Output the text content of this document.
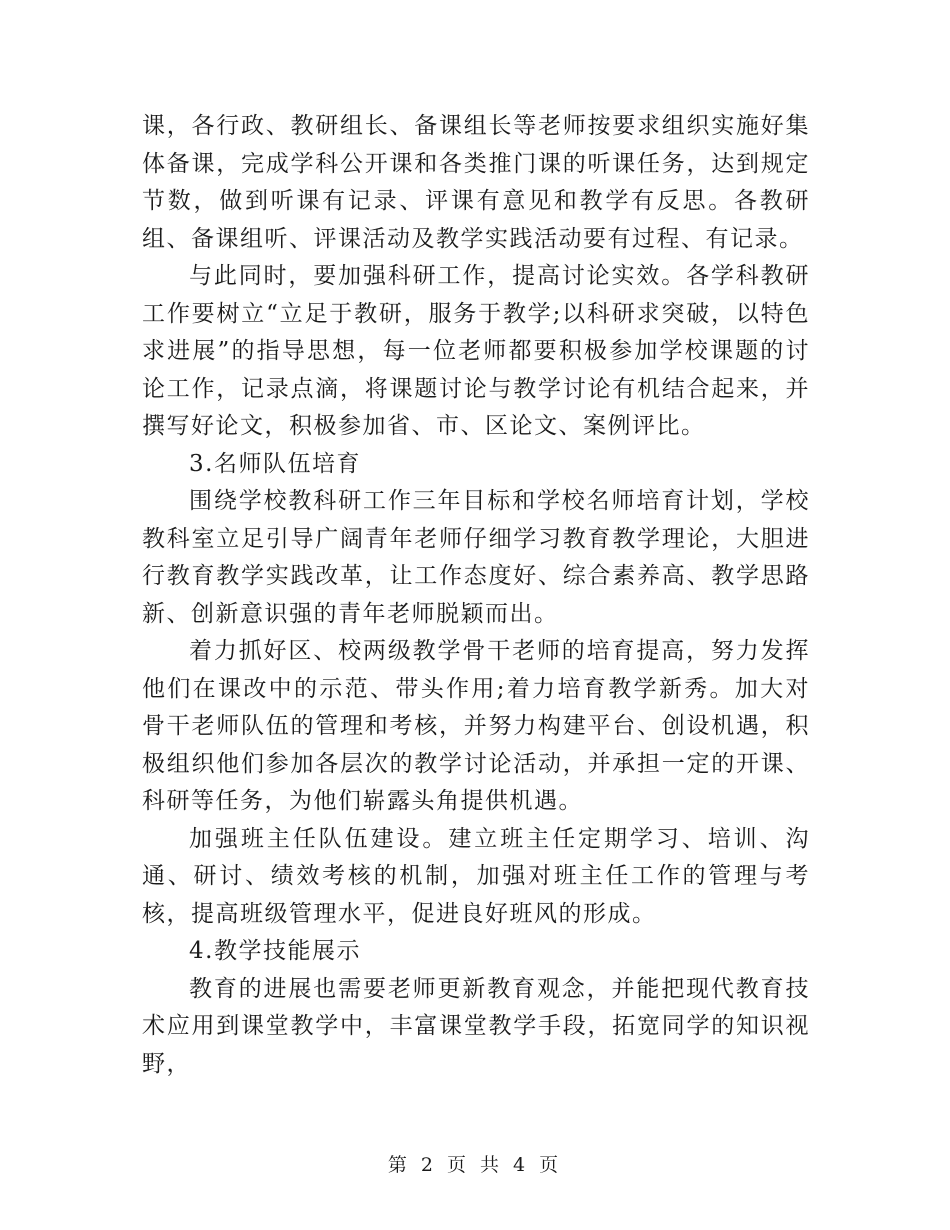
课，各行政、教研组长、备课组长等老师按要求组织实施好集体备课，完成学科公开课和各类推门课的听课任务，达到规定节数，做到听课有记录、评课有意见和教学有反思。各教研组、备课组听、评课活动及教学实践活动要有过程、有记录。

与此同时，要加强科研工作，提高讨论实效。各学科教研工作要树立“立足于教研，服务于教学;以科研求突破，以特色求进展”的指导思想，每一位老师都要积极参加学校课题的讨论工作，记录点滴，将课题讨论与教学讨论有机结合起来，并撰写好论文，积极参加省、市、区论文、案例评比。

3.名师队伍培育

围绕学校教科研工作三年目标和学校名师培育计划，学校教科室立足引导广阔青年老师仔细学习教育教学理论，大胆进行教育教学实践改革，让工作态度好、综合素养高、教学思路新、创新意识强的青年老师脱颖而出。

着力抓好区、校两级教学骨干老师的培育提高，努力发挥他们在课改中的示范、带头作用;着力培育教学新秀。加大对骨干老师队伍的管理和考核，并努力构建平台、创设机遇，积极组织他们参加各层次的教学讨论活动，并承担一定的开课、科研等任务，为他们崭露头角提供机遇。

加强班主任队伍建设。建立班主任定期学习、培训、沟通、研讨、绩效考核的机制，加强对班主任工作的管理与考核，提高班级管理水平，促进良好班风的形成。

4.教学技能展示

教育的进展也需要老师更新教育观念，并能把现代教育技术应用到课堂教学中，丰富课堂教学手段，拓宽同学的知识视野，

第 2 页 共 4 页
